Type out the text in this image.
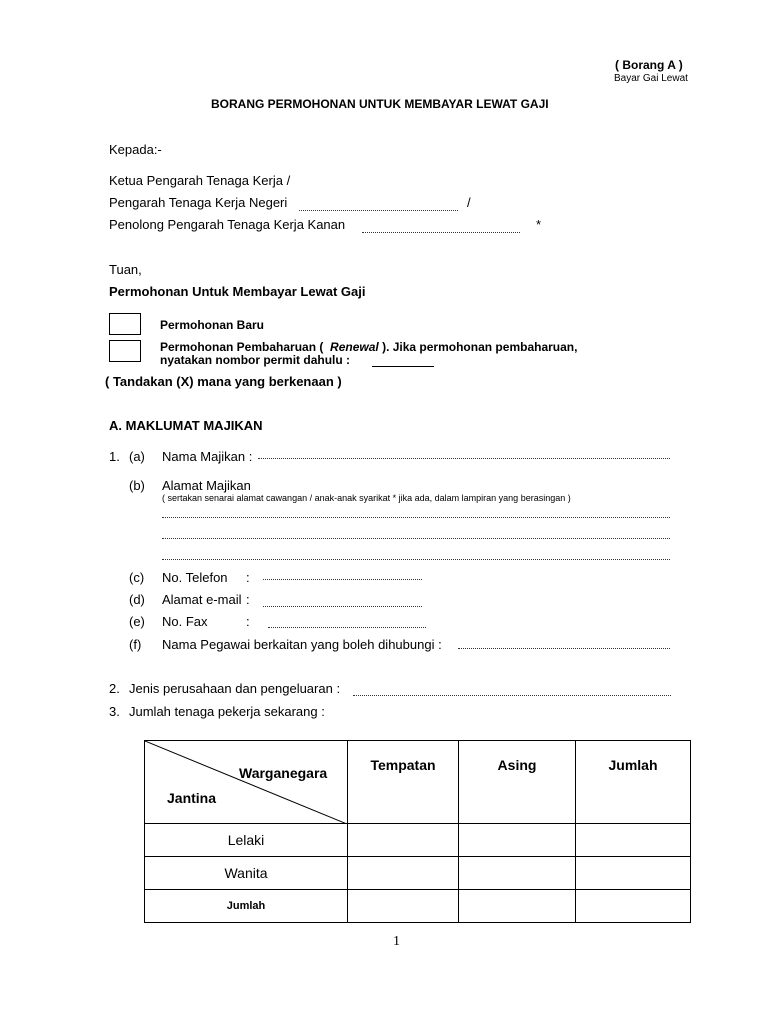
( Borang A )
Bayar Gai Lewat
BORANG PERMOHONAN UNTUK MEMBAYAR LEWAT GAJI
Kepada:-
Ketua Pengarah Tenaga Kerja /
Pengarah Tenaga Kerja Negeri	/
Penolong Pengarah Tenaga Kerja Kanan	*
Tuan,
Permohonan Untuk Membayar Lewat Gaji
Permohonan Baru
Permohonan Pembaharuan ( Renewal ). Jika permohonan pembaharuan,
nyatakan nombor permit dahulu :
( Tandakan (X) mana yang berkenaan )
A. MAKLUMAT MAJIKAN
1. (a) Nama Majikan :
(b) Alamat Majikan
( sertakan senarai alamat cawangan / anak-anak syarikat * jika ada, dalam lampiran yang berasingan )
(c) No. Telefon :
(d) Alamat e-mail :
(e) No. Fax	:
(f) Nama Pegawai berkaitan yang boleh dihubungi :
2. Jenis perusahaan dan pengeluaran :
3. Jumlah tenaga pekerja sekarang :
Warganegara
Jantina	Tempatan	Asing	Jumlah
Lelaki			
Wanita			
Jumlah			
1
